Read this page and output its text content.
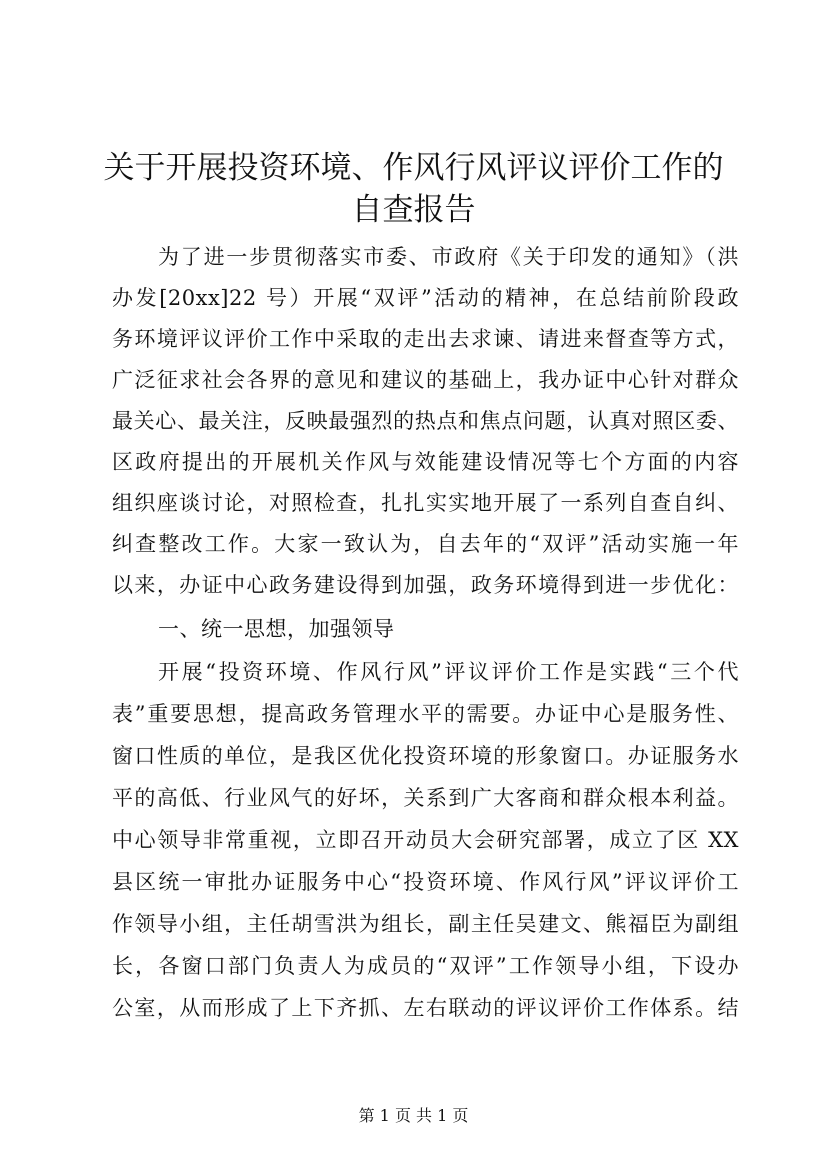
关于开展投资环境、作风行风评议评价工作的
自查报告

为了进一步贯彻落实市委、市政府《关于印发的通知》（洪

办发[20xx]22 号）开展“双评”活动的精神，在总结前阶段政

务环境评议评价工作中采取的走出去求谏、请进来督查等方式，

广泛征求社会各界的意见和建议的基础上，我办证中心针对群众

最关心、最关注，反映最强烈的热点和焦点问题，认真对照区委、

区政府提出的开展机关作风与效能建设情况等七个方面的内容

组织座谈讨论，对照检查，扎扎实实地开展了一系列自查自纠、

纠查整改工作。大家一致认为，自去年的“双评”活动实施一年

以来，办证中心政务建设得到加强，政务环境得到进一步优化：

一、统一思想，加强领导

开展“投资环境、作风行风”评议评价工作是实践“三个代

表”重要思想，提高政务管理水平的需要。办证中心是服务性、

窗口性质的单位，是我区优化投资环境的形象窗口。办证服务水

平的高低、行业风气的好坏，关系到广大客商和群众根本利益。

中心领导非常重视，立即召开动员大会研究部署，成立了区 XX

县区统一审批办证服务中心“投资环境、作风行风”评议评价工

作领导小组，主任胡雪洪为组长，副主任吴建文、熊福臣为副组

长，各窗口部门负责人为成员的“双评”工作领导小组，下设办

公室，从而形成了上下齐抓、左右联动的评议评价工作体系。结

第 1 页 共 1 页
